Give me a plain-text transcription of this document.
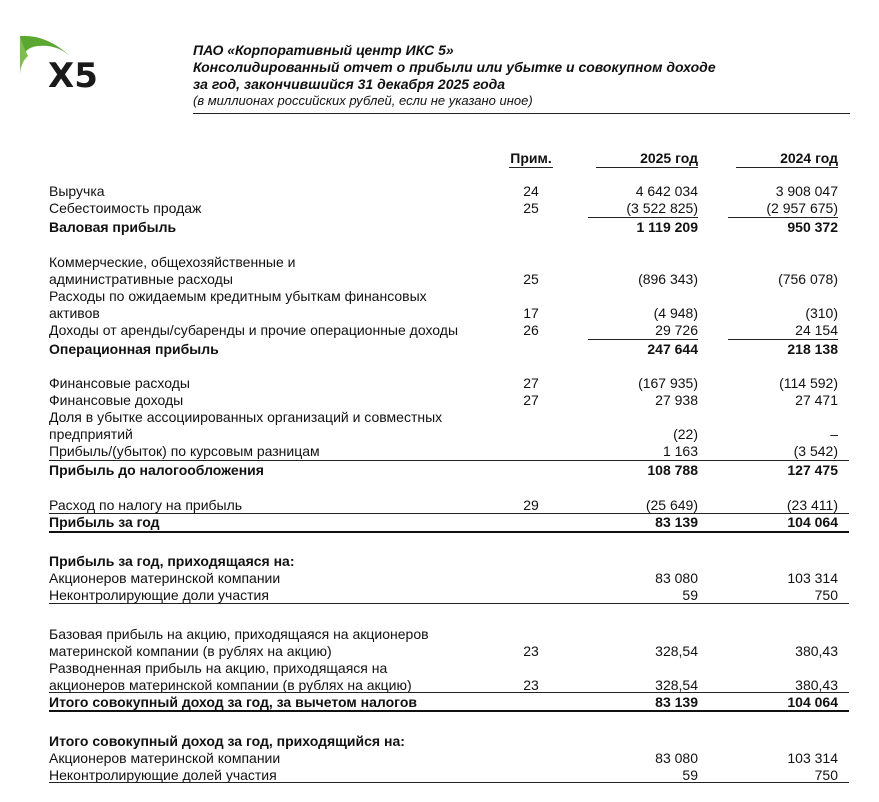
X5
ПАО «Корпоративный центр ИКС 5»
Консолидированный отчет о прибыли или убытке и совокупном доходе
за год, закончившийся 31 декабря 2025 года
(в миллионах российских рублей, если не указано иное)
Прим.	2025 год	2024 год
Выручка	24	4 642 034	3 908 047
Себестоимость продаж	25	(3 522 825)	(2 957 675)
Валовая прибыль	1 119 209	950 372
Коммерческие, общехозяйственные и
административные расходы	25	(896 343)	(756 078)
Расходы по ожидаемым кредитным убыткам финансовых
активов	17	(4 948)	(310)
Доходы от аренды/субаренды и прочие операционные доходы	26	29 726	24 154
Операционная прибыль	247 644	218 138
Финансовые расходы	27	(167 935)	(114 592)
Финансовые доходы	27	27 938	27 471
Доля в убытке ассоциированных организаций и совместных
предприятий	(22)	–
Прибыль/(убыток) по курсовым разницам	1 163	(3 542)
Прибыль до налогообложения	108 788	127 475
Расход по налогу на прибыль	29	(25 649)	(23 411)
Прибыль за год	83 139	104 064
Прибыль за год, приходящаяся на:
Акционеров материнской компании	83 080	103 314
Неконтролирующие доли участия	59	750
Базовая прибыль на акцию, приходящаяся на акционеров
материнской компании (в рублях на акцию)	23	328,54	380,43
Разводненная прибыль на акцию, приходящаяся на
акционеров материнской компании (в рублях на акцию)	23	328,54	380,43
Итого совокупный доход за год, за вычетом налогов	83 139	104 064
Итого совокупный доход за год, приходящийся на:
Акционеров материнской компании	83 080	103 314
Неконтролирующие долей участия	59	750
